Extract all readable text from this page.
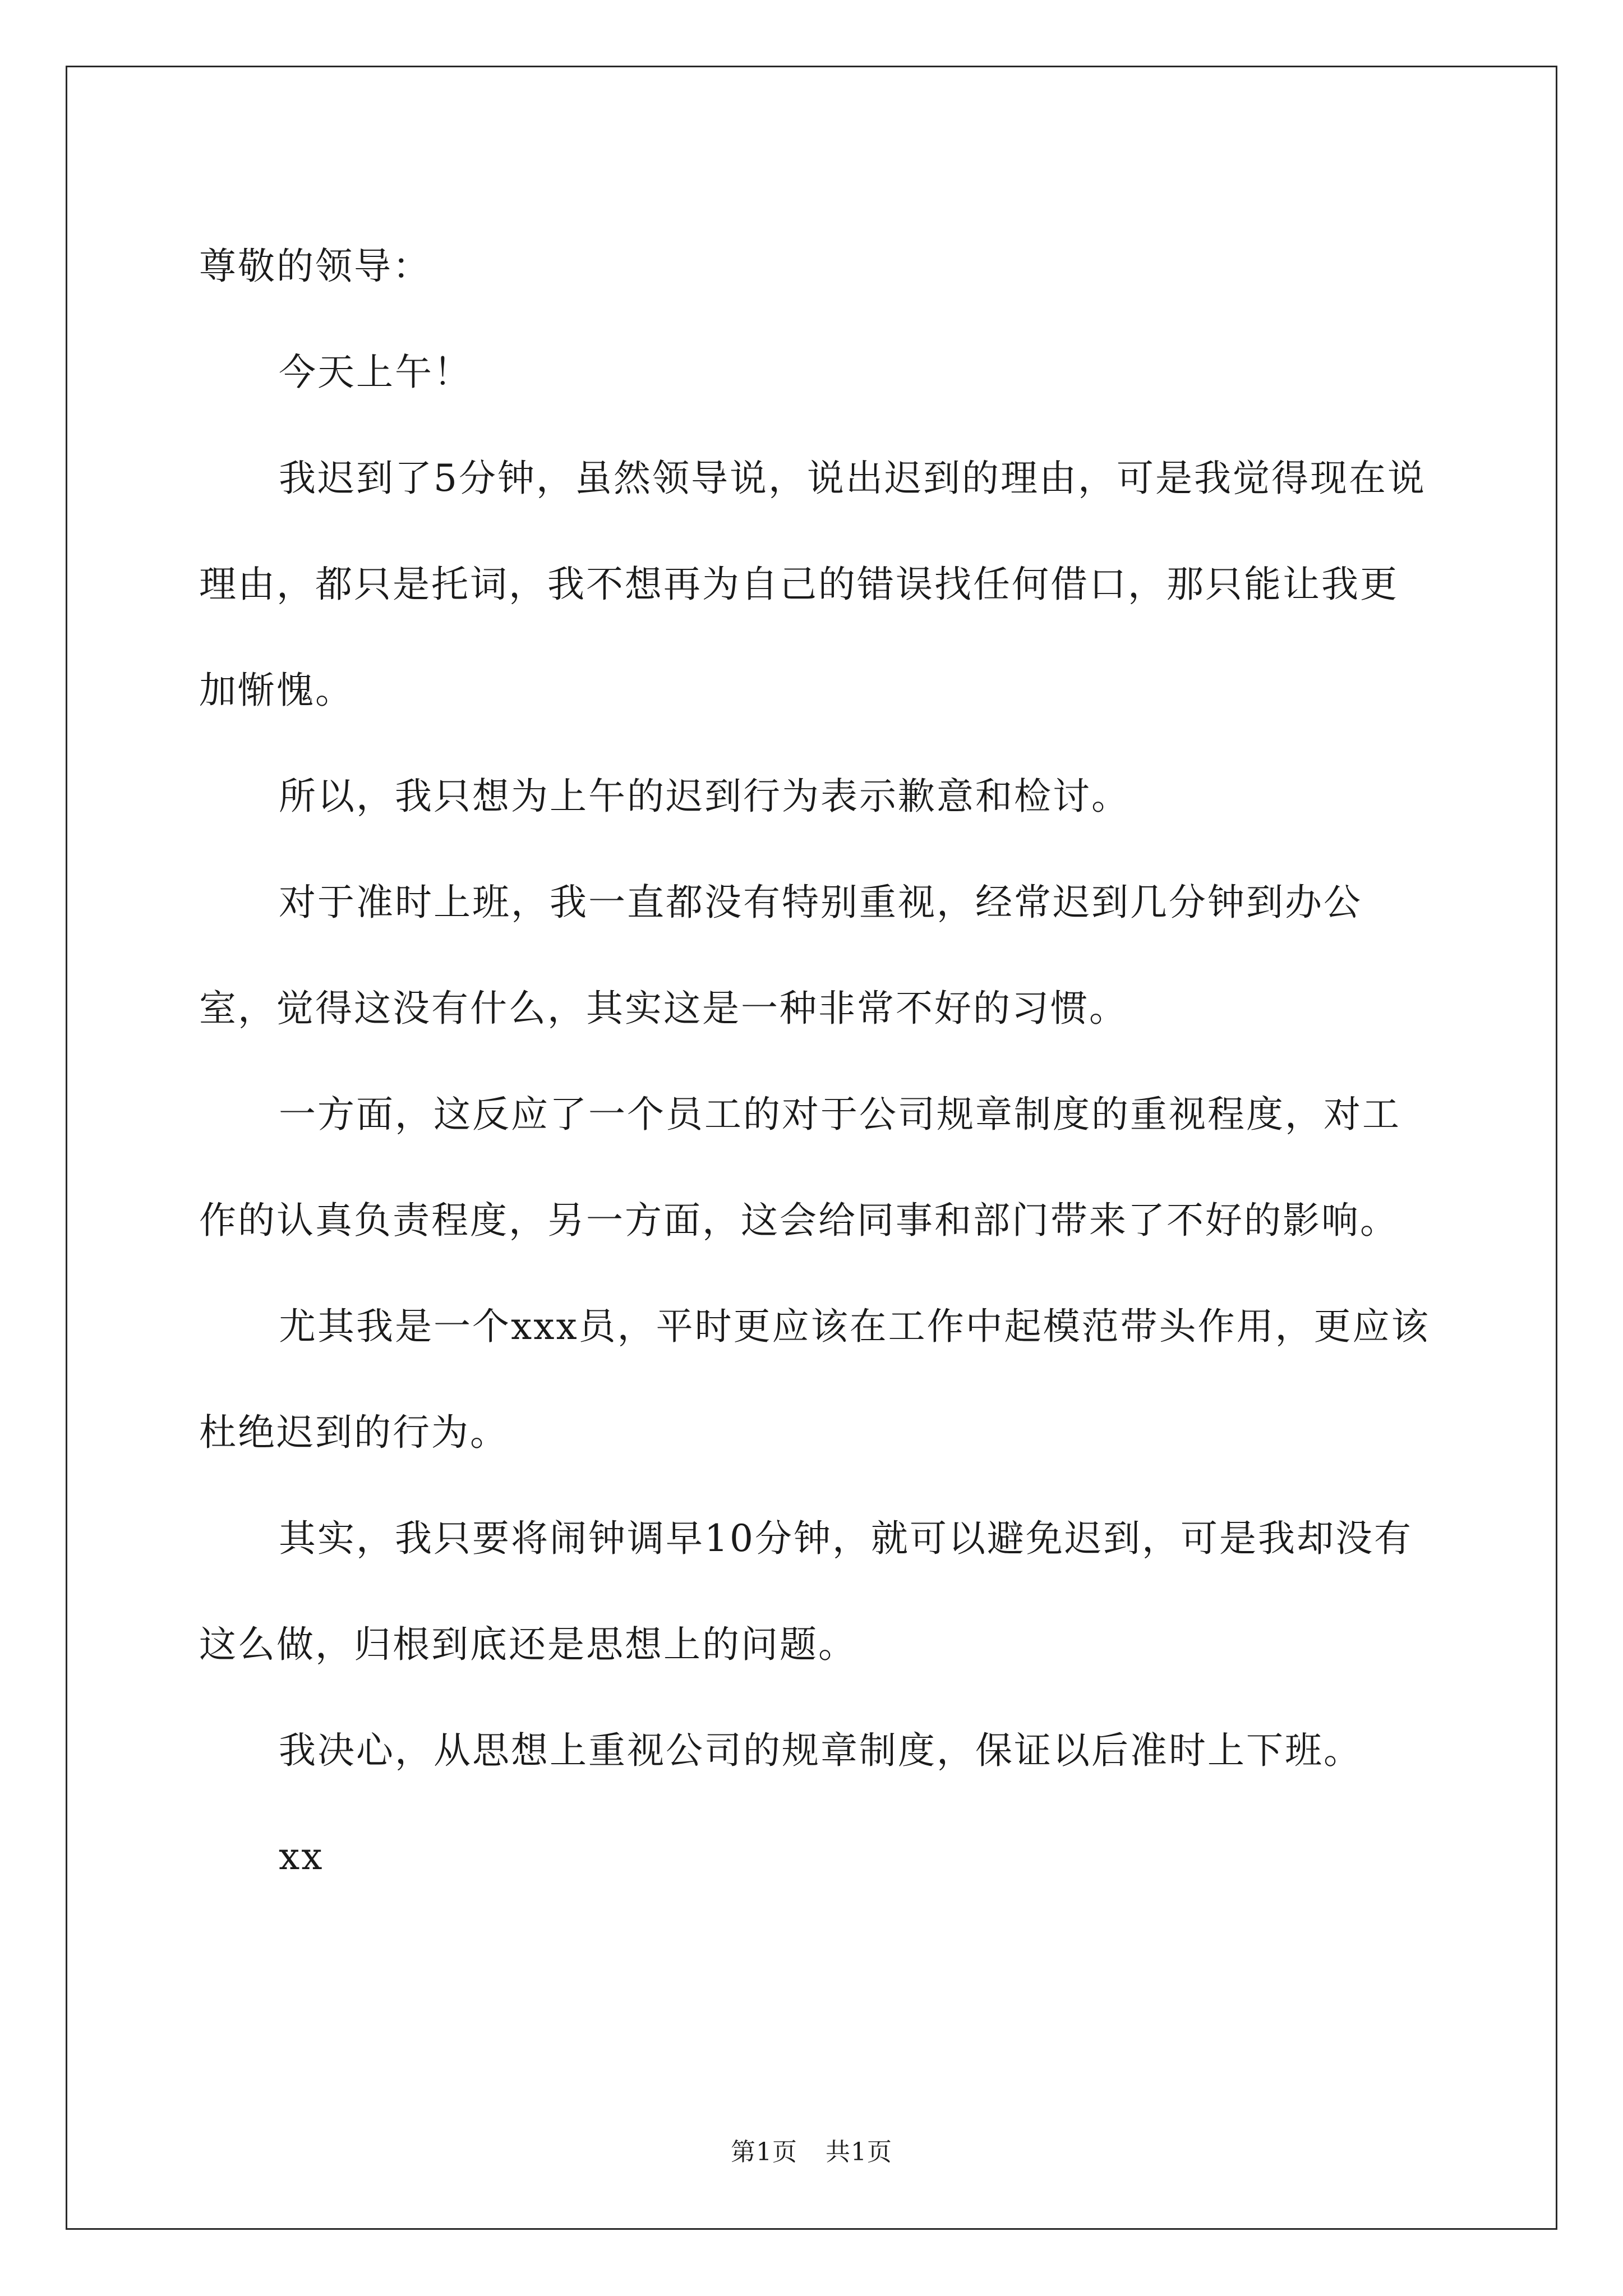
尊敬的领导：

今天上午！

我迟到了5分钟，虽然领导说，说出迟到的理由，可是我觉得现在说理由，都只是托词，我不想再为自己的错误找任何借口，那只能让我更加惭愧。

所以，我只想为上午的迟到行为表示歉意和检讨。

对于准时上班，我一直都没有特别重视，经常迟到几分钟到办公室，觉得这没有什么，其实这是一种非常不好的习惯。

一方面，这反应了一个员工的对于公司规章制度的重视程度，对工作的认真负责程度，另一方面，这会给同事和部门带来了不好的影响。

尤其我是一个xxx员，平时更应该在工作中起模范带头作用，更应该杜绝迟到的行为。

其实，我只要将闹钟调早10分钟，就可以避免迟到，可是我却没有这么做，归根到底还是思想上的问题。

我决心，从思想上重视公司的规章制度，保证以后准时上下班。

xx

第1页 共1页
